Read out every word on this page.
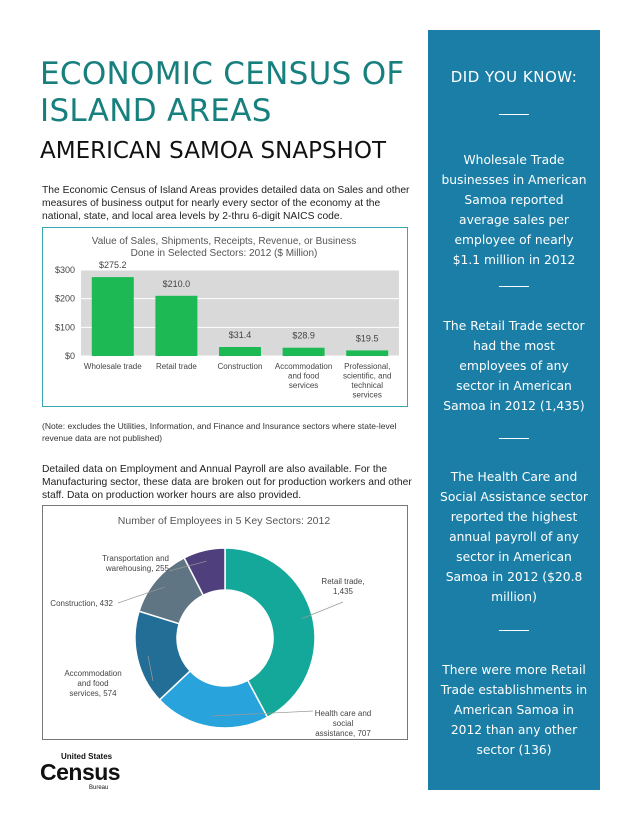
ECONOMIC CENSUS OF
ISLAND AREAS
AMERICAN SAMOA SNAPSHOT
The Economic Census of Island Areas provides detailed data on Sales and other measures of business output for nearly every sector of the economy at the national, state, and local area levels by 2-thru 6-digit NAICS code.
Value of Sales, Shipments, Receipts, Revenue, or Business
Done in Selected Sectors: 2012 ($ Million)
$0
$100
$200
$300	$275.2
Wholesale trade
$210.0
Retail trade
$31.4
Construction
$28.9
Accommodation
and food
services
$19.5
Professional,
scientific, and
technical
services
(Note: excludes the Utilities, Information, and Finance and Insurance sectors where state-level revenue data are not published)
Detailed data on Employment and Annual Payroll are also available. For the Manufacturing sector, these data are broken out for production workers and other staff. Data on production worker hours are also provided.
Number of Employees in 5 Key Sectors: 2012
Retail trade,
1,435
Health care and
social
assistance, 707
Accommodation
and food
services, 574
Construction, 432
Transportation and
warehousing, 255
DID YOU KNOW:
Wholesale Trade
businesses in American
Samoa reported
average sales per
employee of nearly
$1.1 million in 2012
The Retail Trade sector
had the most
employees of any
sector in American
Samoa in 2012 (1,435)
The Health Care and
Social Assistance sector
reported the highest
annual payroll of any
sector in American
Samoa in 2012 ($20.8
million)
There were more Retail
Trade establishments in
American Samoa in
2012 than any other
sector (136)
United States
Census
Bureau
